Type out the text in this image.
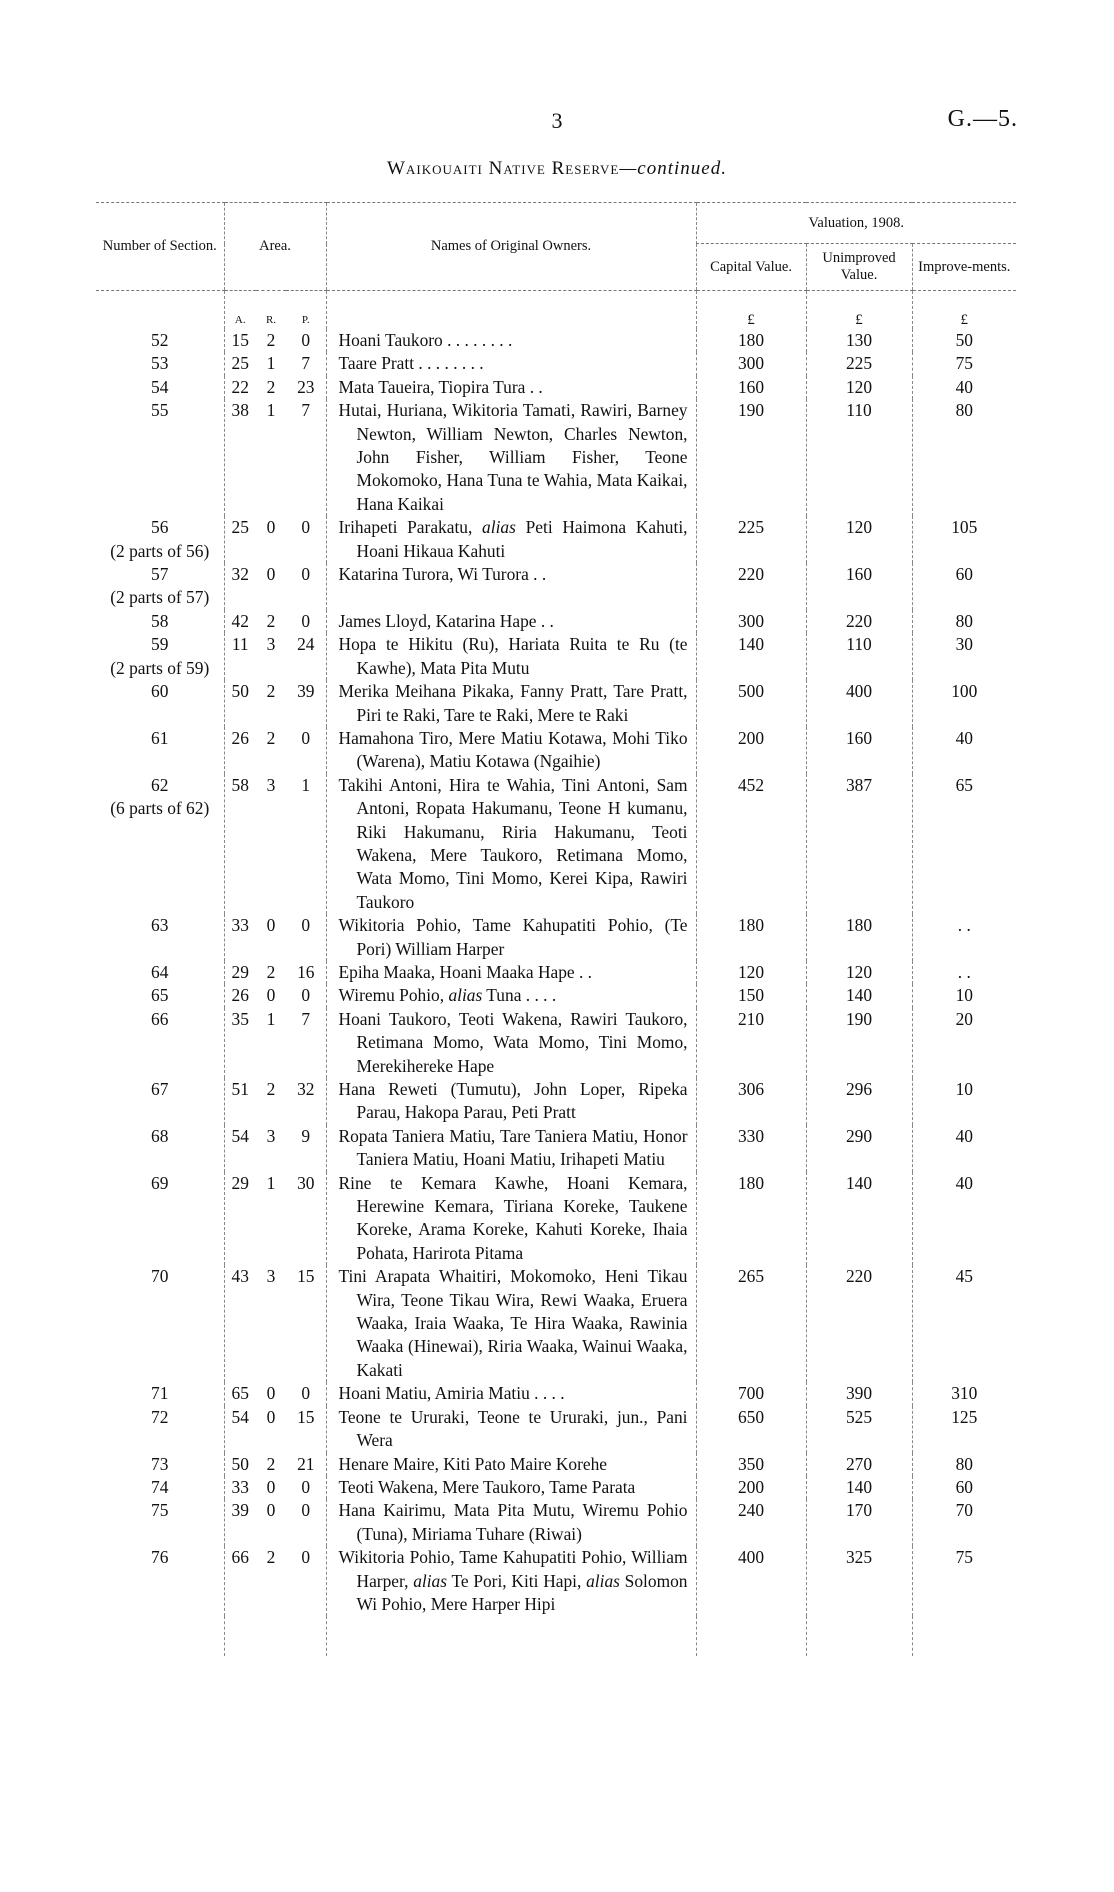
3	G.—5.
Waikouaiti Native Reserve—continued.
Number of Section.	Area.			Names of Original Owners.	Valuation, 1908.		
					Capital Value.	Unimproved Value.	Improve-ments.
	A.	R.	P.		£	£	£

52	15	2	0	Hoani Taukoro . . . . . . . .	180	130	50

53	25	1	7	Taare Pratt . . . . . . . .	300	225	75

54	22	2	23	Mata Taueira, Tiopira Tura . .	160	120	40

55	38	1	7	Hutai, Huriana, Wikitoria Tamati, Rawiri, Barney Newton, William Newton, Charles Newton, John Fisher, William Fisher, Teone Mokomoko, Hana Tuna te Wahia, Mata Kaikai, Hana Kaikai	190	110	80

56
(2 parts of 56)	25	0	0	Irihapeti Parakatu, alias Peti Haimona Kahuti, Hoani Hikaua Kahuti	225	120	105

57
(2 parts of 57)	32	0	0	Katarina Turora, Wi Turora . .	220	160	60

58	42	2	0	James Lloyd, Katarina Hape . .	300	220	80

59
(2 parts of 59)	11	3	24	Hopa te Hikitu (Ru), Hariata Ruita te Ru (te Kawhe), Mata Pita Mutu	140	110	30

60	50	2	39	Merika Meihana Pikaka, Fanny Pratt, Tare Pratt, Piri te Raki, Tare te Raki, Mere te Raki	500	400	100

61	26	2	0	Hamahona Tiro, Mere Matiu Kotawa, Mohi Tiko (Warena), Matiu Kotawa (Ngaihie)	200	160	40

62
(6 parts of 62)	58	3	1	Takihi Antoni, Hira te Wahia, Tini Antoni, Sam Antoni, Ropata Hakumanu, Teone H kumanu, Riki Hakumanu, Riria Hakumanu, Teoti Wakena, Mere Taukoro, Retimana Momo, Wata Momo, Tini Momo, Kerei Kipa, Rawiri Taukoro	452	387	65

63	33	0	0	Wikitoria Pohio, Tame Kahupatiti Pohio, (Te Pori) William Harper	180	180	. .

64	29	2	16	Epiha Maaka, Hoani Maaka Hape . .	120	120	. .

65	26	0	0	Wiremu Pohio, alias Tuna . . . .	150	140	10

66	35	1	7	Hoani Taukoro, Teoti Wakena, Rawiri Taukoro, Retimana Momo, Wata Momo, Tini Momo, Merekihereke Hape	210	190	20

67	51	2	32	Hana Reweti (Tumutu), John Loper, Ripeka Parau, Hakopa Parau, Peti Pratt	306	296	10

68	54	3	9	Ropata Taniera Matiu, Tare Taniera Matiu, Honor Taniera Matiu, Hoani Matiu, Irihapeti Matiu	330	290	40

69	29	1	30	Rine te Kemara Kawhe, Hoani Kemara, Herewine Kemara, Tiriana Koreke, Taukene Koreke, Arama Koreke, Kahuti Koreke, Ihaia Pohata, Harirota Pitama	180	140	40

70	43	3	15	Tini Arapata Whaitiri, Mokomoko, Heni Tikau Wira, Teone Tikau Wira, Rewi Waaka, Eruera Waaka, Iraia Waaka, Te Hira Waaka, Rawinia Waaka (Hinewai), Riria Waaka, Wainui Waaka, Kakati	265	220	45

71	65	0	0	Hoani Matiu, Amiria Matiu . . . .	700	390	310

72	54	0	15	Teone te Ururaki, Teone te Ururaki, jun., Pani Wera	650	525	125

73	50	2	21	Henare Maire, Kiti Pato Maire Korehe	350	270	80

74	33	0	0	Teoti Wakena, Mere Taukoro, Tame Parata	200	140	60

75	39	0	0	Hana Kairimu, Mata Pita Mutu, Wiremu Pohio (Tuna), Miriama Tuhare (Riwai)	240	170	70

76	66	2	0	Wikitoria Pohio, Tame Kahupatiti Pohio, William Harper, alias Te Pori, Kiti Hapi, alias Solomon Wi Pohio, Mere Harper Hipi	400	325	75
